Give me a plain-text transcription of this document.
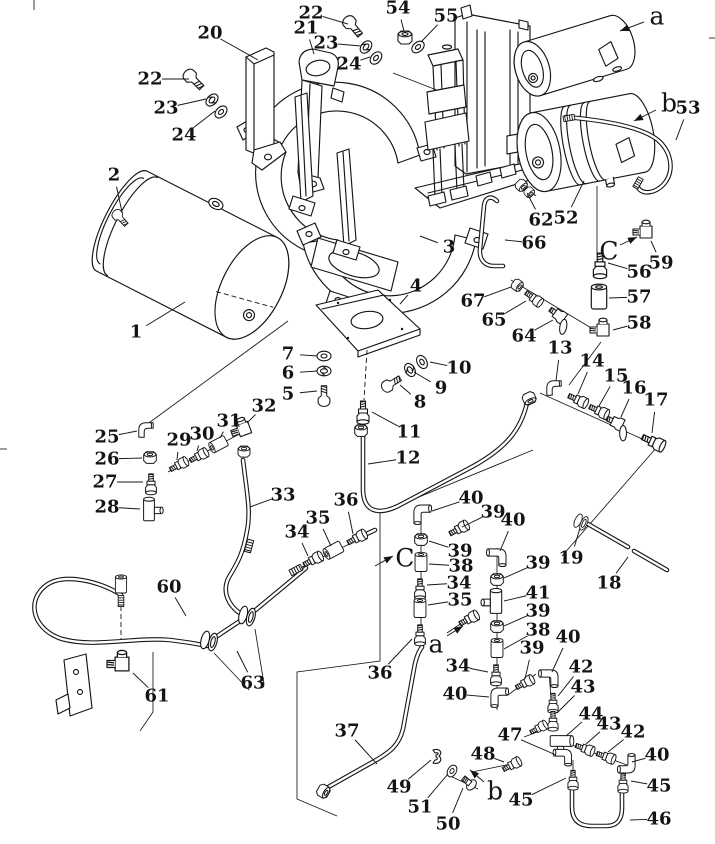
a
b
C
C
a
b
1
2
3
4
5
6
7
8
9
10
11
12
13
14
15
16
17
18
19
20	21
22
23
24
22
23
24
25
26
27
28
29
30
31
32
33
34
35
36
37
38
38
39
39
39
39
39
40
40
40
40
40
41
42
42
43
43
44
45
45
46
47
48
49
50
51
52
53
54 55
56
57
58
59
60
61
62
63
64
65
66
67
34
35
34
36
